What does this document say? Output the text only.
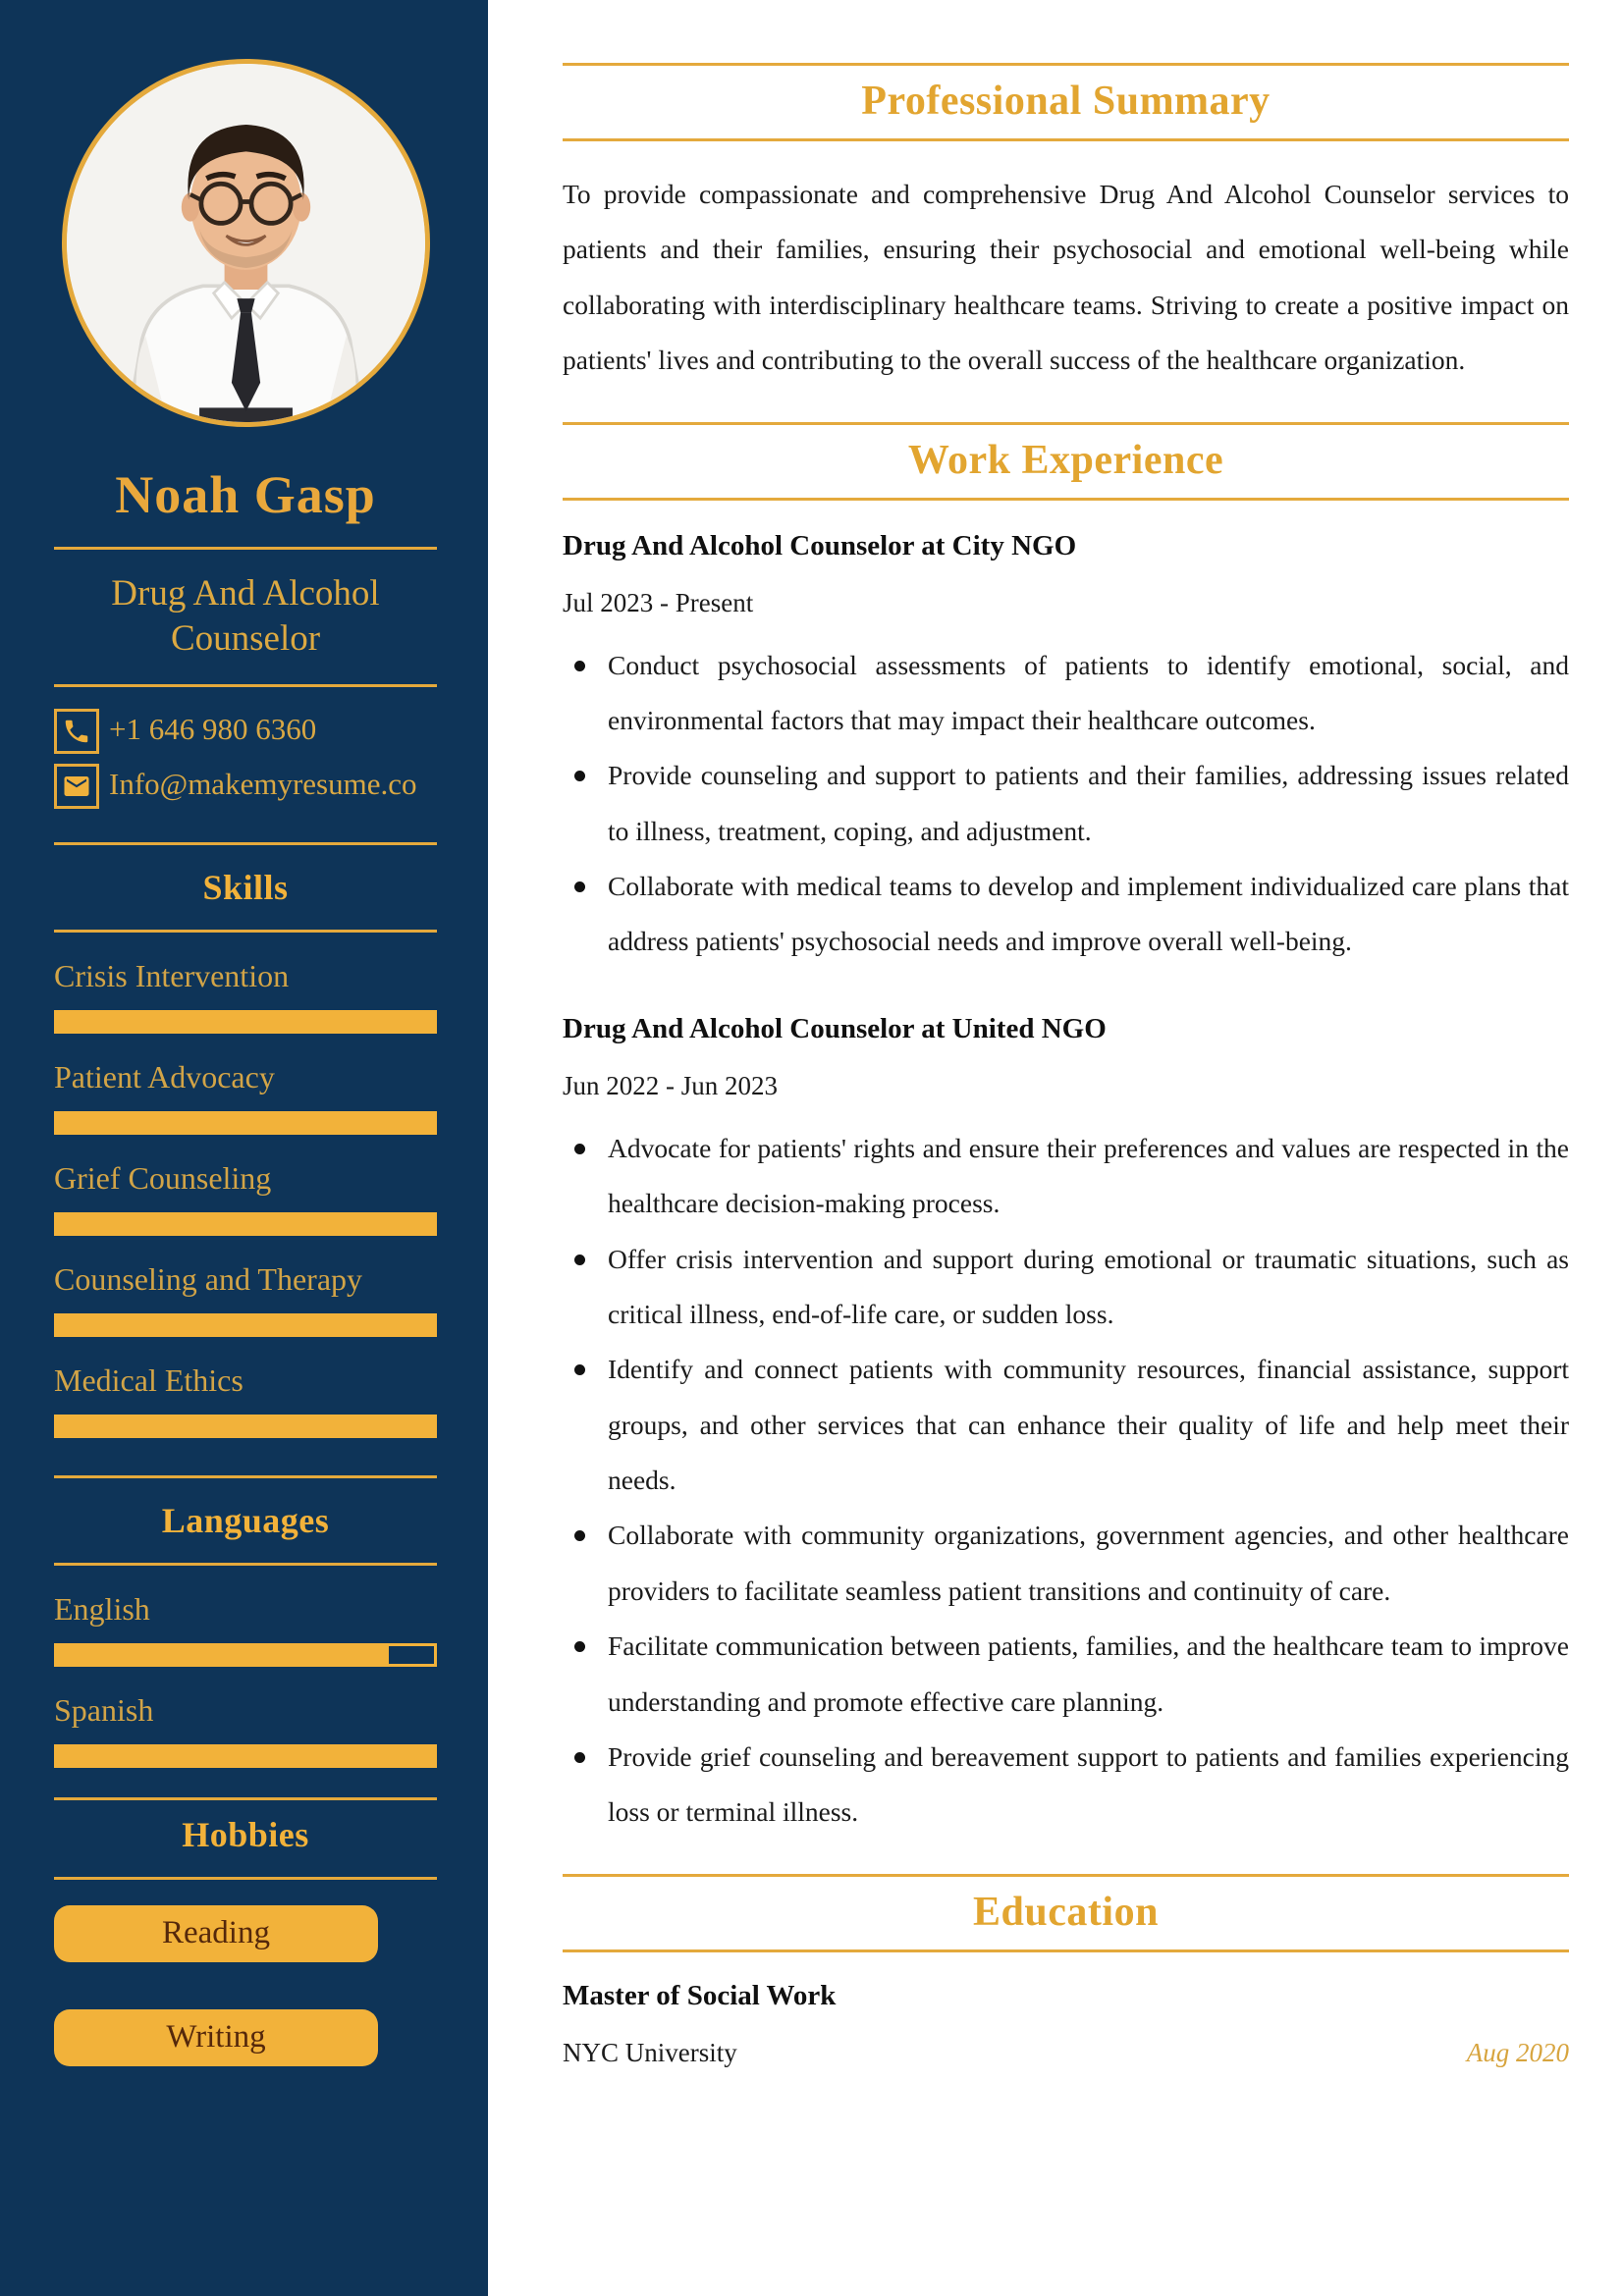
Noah Gasp
Drug And Alcohol Counselor
+1 646 980 6360
Info@makemyresume.co
Skills
Crisis Intervention
Patient Advocacy
Grief Counseling
Counseling and Therapy
Medical Ethics
Languages
English
Spanish
Hobbies
Reading
Writing
Professional Summary

To provide compassionate and comprehensive Drug And Alcohol Counselor services to patients and their families, ensuring their psychosocial and emotional well-being while collaborating with interdisciplinary healthcare teams. Striving to create a positive impact on patients' lives and contributing to the overall success of the healthcare organization.

Work Experience
Drug And Alcohol Counselor at City NGO
Jul 2023 - Present
Conduct psychosocial assessments of patients to identify emotional, social, and environmental factors that may impact their healthcare outcomes.
Provide counseling and support to patients and their families, addressing issues related to illness, treatment, coping, and adjustment.
Collaborate with medical teams to develop and implement individualized care plans that address patients' psychosocial needs and improve overall well-being.
Drug And Alcohol Counselor at United NGO
Jun 2022 - Jun 2023
Advocate for patients' rights and ensure their preferences and values are respected in the healthcare decision-making process.
Offer crisis intervention and support during emotional or traumatic situations, such as critical illness, end-of-life care, or sudden loss.
Identify and connect patients with community resources, financial assistance, support groups, and other services that can enhance their quality of life and help meet their needs.
Collaborate with community organizations, government agencies, and other healthcare providers to facilitate seamless patient transitions and continuity of care.
Facilitate communication between patients, families, and the healthcare team to improve understanding and promote effective care planning.
Provide grief counseling and bereavement support to patients and families experiencing loss or terminal illness.
Education
Master of Social Work
NYC University	Aug 2020
